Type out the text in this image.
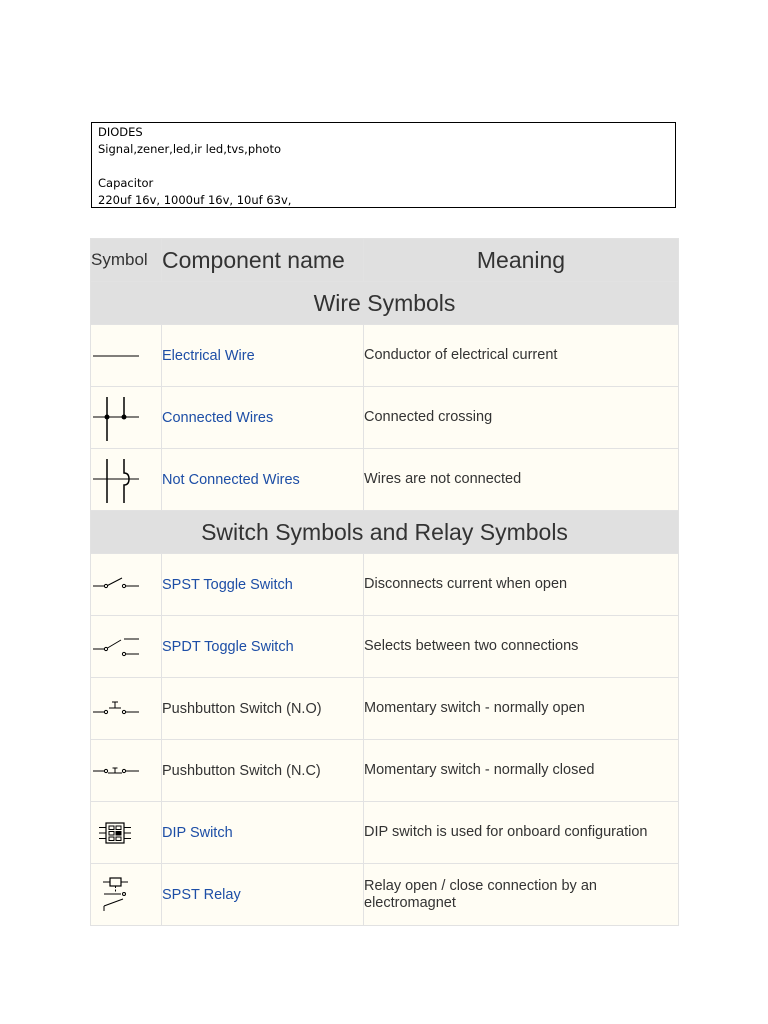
DIODES
Signal,zener,led,ir led,tvs,photo
Capacitor
220uf 16v, 1000uf 16v, 10uf 63v,
Symbol	Component name	Meaning
Wire Symbols		

	Electrical Wire	Conductor of electrical current

	Connected Wires	Connected crossing

	Not Connected Wires	Wires are not connected
Switch Symbols and Relay Symbols		

	SPST Toggle Switch	Disconnects current when open

	SPDT Toggle Switch	Selects between two connections

	Pushbutton Switch (N.O)	Momentary switch - normally open

	Pushbutton Switch (N.C)	Momentary switch - normally closed

	DIP Switch	DIP switch is used for onboard configuration

	SPST Relay	Relay open / close connection by an electromagnet
